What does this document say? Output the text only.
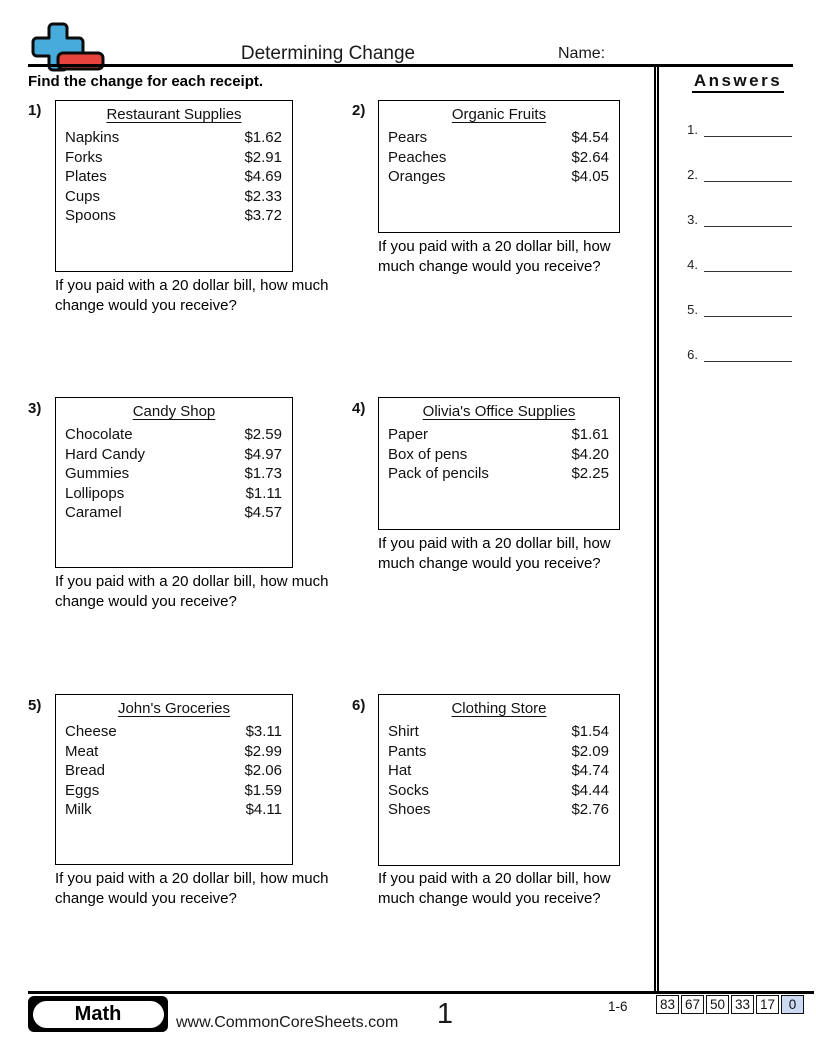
Determining Change	Name:
Find the change for each receipt.	Answers
1.
2.
3.
4.
5.
6.
1)	Restaurant Supplies
Napkins	$1.62
Forks	$2.91
Plates	$4.69
Cups	$2.33
Spoons	$3.72
If you paid with a 20 dollar bill, how much change would you receive?
2)	Organic Fruits
Pears	$4.54
Peaches	$2.64
Oranges	$4.05
If you paid with a 20 dollar bill, how much change would you receive?
3)	Candy Shop
Chocolate	$2.59
Hard Candy	$4.97
Gummies	$1.73
Lollipops	$1.11
Caramel	$4.57
If you paid with a 20 dollar bill, how much change would you receive?
4)	Olivia's Office Supplies
Paper	$1.61
Box of pens	$4.20
Pack of pencils	$2.25
If you paid with a 20 dollar bill, how much change would you receive?
5)	John's Groceries
Cheese	$3.11
Meat	$2.99
Bread	$2.06
Eggs	$1.59
Milk	$4.11
If you paid with a 20 dollar bill, how much change would you receive?
6)	Clothing Store
Shirt	$1.54
Pants	$2.09
Hat	$4.74
Socks	$4.44
Shoes	$2.76
If you paid with a 20 dollar bill, how much change would you receive?
Math	www.CommonCoreSheets.com	1	1-6 83 67 50 33 17	0
